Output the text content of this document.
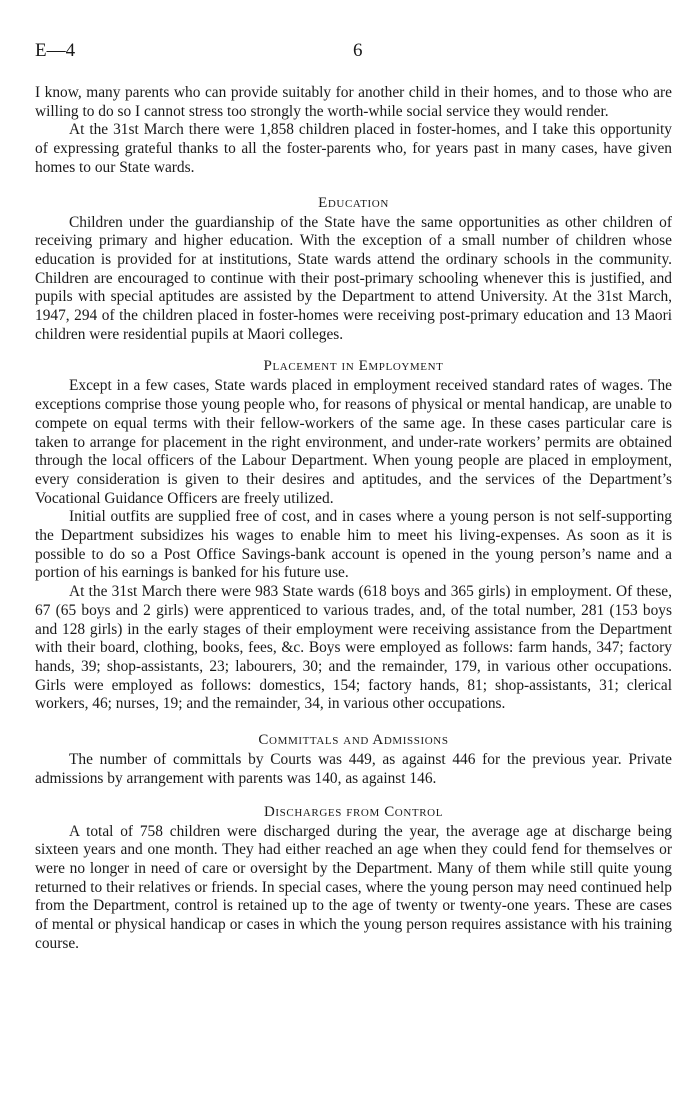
E—4	6

I know, many parents who can provide suitably for another child in their homes, and to those who are willing to do so I cannot stress too strongly the worth-while social service they would render.

At the 31st March there were 1,858 children placed in foster-homes, and I take this opportunity of expressing grateful thanks to all the foster-parents who, for years past in many cases, have given homes to our State wards.

Education

Children under the guardianship of the State have the same opportunities as other children of receiving primary and higher education. With the exception of a small number of children whose education is provided for at institutions, State wards attend the ordinary schools in the community. Children are encouraged to continue with their post-primary schooling whenever this is justified, and pupils with special aptitudes are assisted by the Department to attend University. At the 31st March, 1947, 294 of the children placed in foster-homes were receiving post-primary education and 13 Maori children were residential pupils at Maori colleges.

Placement in Employment

Except in a few cases, State wards placed in employment received standard rates of wages. The exceptions comprise those young people who, for reasons of physical or mental handicap, are unable to compete on equal terms with their fellow-workers of the same age. In these cases particular care is taken to arrange for placement in the right environment, and under-rate workers’ permits are obtained through the local officers of the Labour Department. When young people are placed in employment, every consideration is given to their desires and aptitudes, and the services of the Department’s Vocational Guidance Officers are freely utilized.

Initial outfits are supplied free of cost, and in cases where a young person is not self-supporting the Department subsidizes his wages to enable him to meet his living-expenses. As soon as it is possible to do so a Post Office Savings-bank account is opened in the young person’s name and a portion of his earnings is banked for his future use.

At the 31st March there were 983 State wards (618 boys and 365 girls) in employment. Of these, 67 (65 boys and 2 girls) were apprenticed to various trades, and, of the total number, 281 (153 boys and 128 girls) in the early stages of their employment were receiving assistance from the Department with their board, clothing, books, fees, &c. Boys were employed as follows: farm hands, 347; factory hands, 39; shop-assistants, 23; labourers, 30; and the remainder, 179, in various other occupations. Girls were employed as follows: domestics, 154; factory hands, 81; shop-assistants, 31; clerical workers, 46; nurses, 19; and the remainder, 34, in various other occupations.

Committals and Admissions

The number of committals by Courts was 449, as against 446 for the previous year. Private admissions by arrangement with parents was 140, as against 146.

Discharges from Control

A total of 758 children were discharged during the year, the average age at discharge being sixteen years and one month. They had either reached an age when they could fend for themselves or were no longer in need of care or oversight by the Department. Many of them while still quite young returned to their relatives or friends. In special cases, where the young person may need continued help from the Department, control is retained up to the age of twenty or twenty-one years. These are cases of mental or physical handicap or cases in which the young person requires assistance with his training course.
